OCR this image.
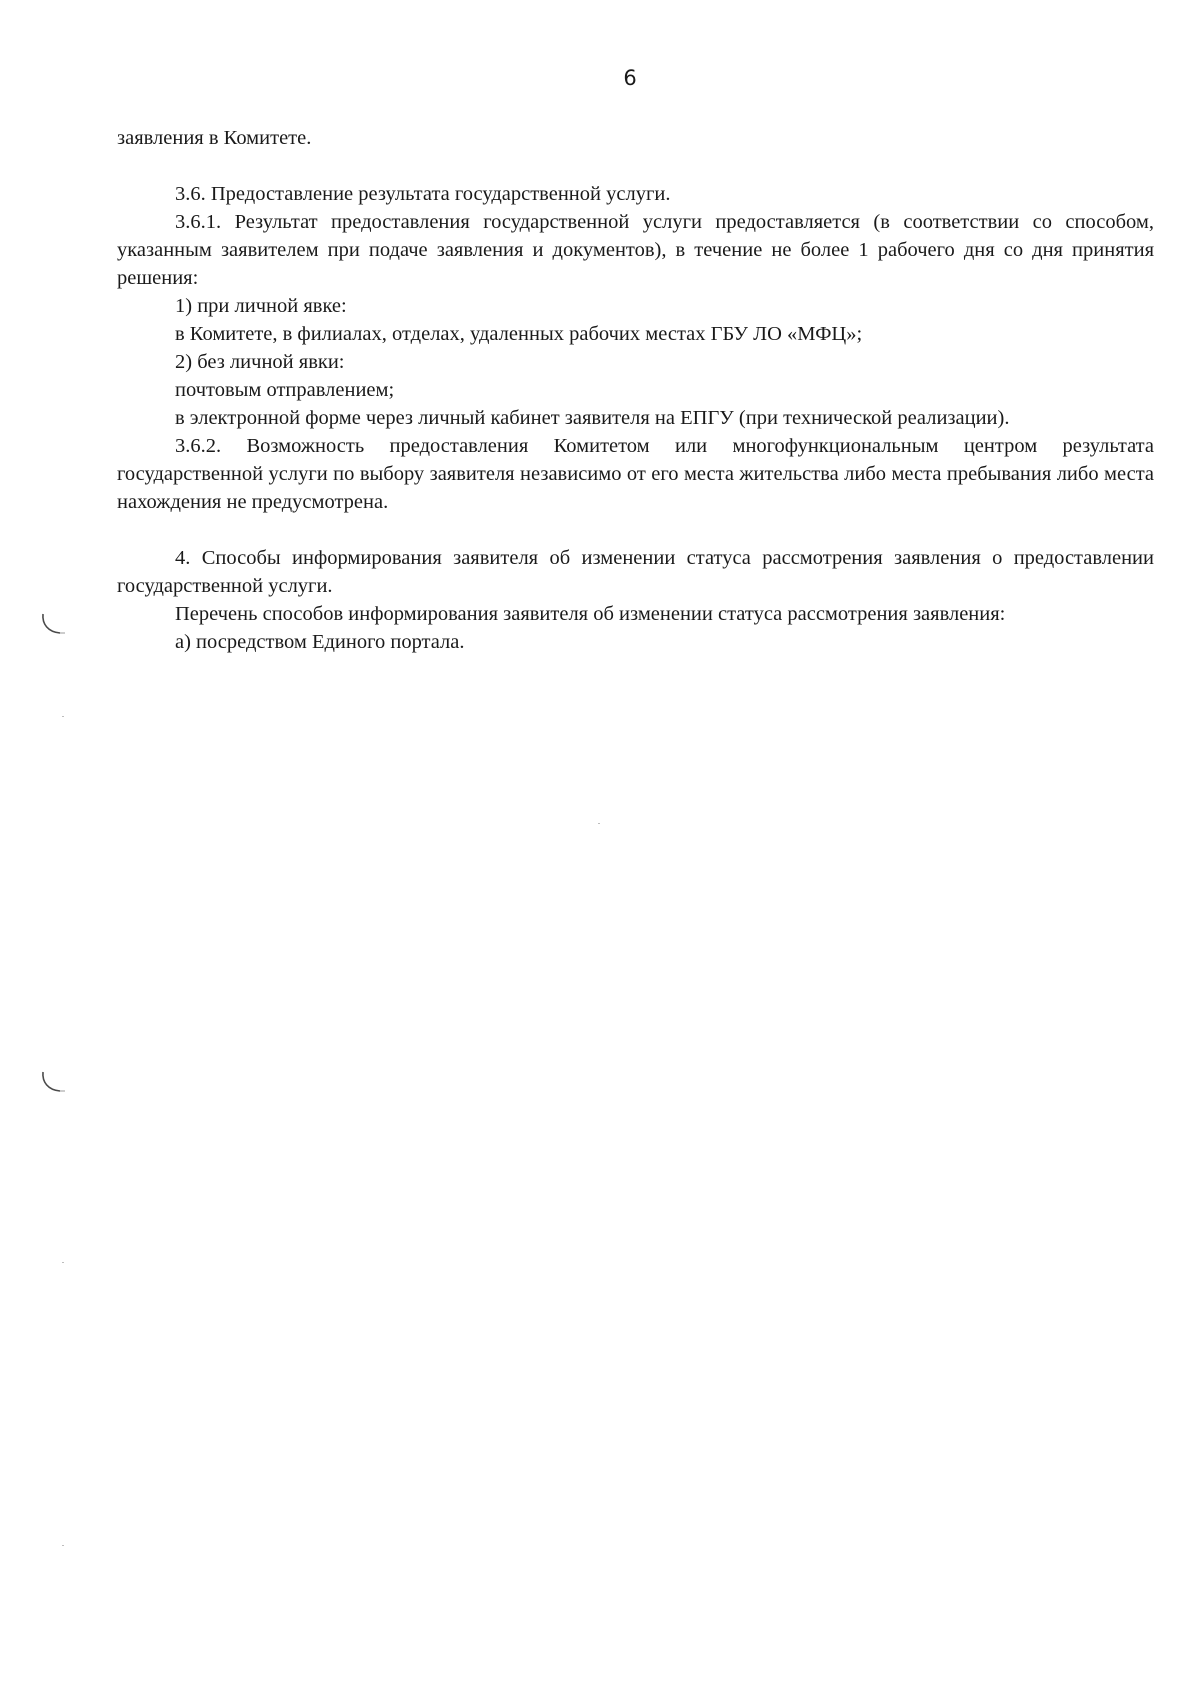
6

заявления в Комитете.

3.6. Предоставление результата государственной услуги.

3.6.1. Результат предоставления государственной услуги предоставляется (в соответствии со способом, указанным заявителем при подаче заявления и документов), в течение не более 1 рабочего дня со дня принятия решения:

1) при личной явке:

в Комитете, в филиалах, отделах, удаленных рабочих местах ГБУ ЛО «МФЦ»;

2) без личной явки:

почтовым отправлением;

в электронной форме через личный кабинет заявителя на ЕПГУ (при технической реализации).

3.6.2. Возможность предоставления Комитетом или многофункциональным центром результата государственной услуги по выбору заявителя независимо от его места жительства либо места пребывания либо места нахождения не предусмотрена.

4. Способы информирования заявителя об изменении статуса рассмотрения заявления о предоставлении государственной услуги.

Перечень способов информирования заявителя об изменении статуса рассмотрения заявления:

а) посредством Единого портала.
